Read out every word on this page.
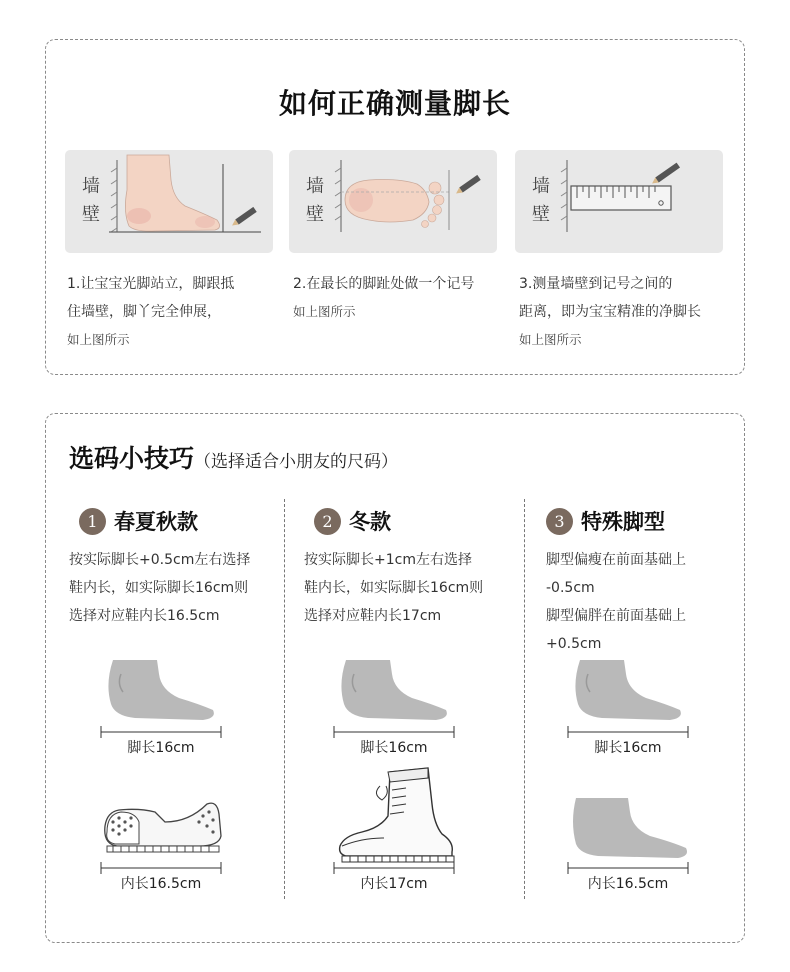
如何正确测量脚长
墙
壁
墙
壁
墙
壁
1.让宝宝光脚站立，脚跟抵
住墙壁，脚丫完全伸展，
如上图所示
2.在最长的脚趾处做一个记号
如上图所示
3.测量墙壁到记号之间的
距离，即为宝宝精准的净脚长
如上图所示
选码小技巧（选择适合小朋友的尺码）
1 春夏秋款
按实际脚长+0.5cm左右选择
鞋内长，如实际脚长16cm则
选择对应鞋内长16.5cm
脚长16cm
内长16.5cm
2 冬款
按实际脚长+1cm左右选择
鞋内长，如实际脚长16cm则
选择对应鞋内长17cm
脚长16cm
内长17cm
3 特殊脚型
脚型偏瘦在前面基础上
-0.5cm
脚型偏胖在前面基础上
+0.5cm
脚长16cm
内长16.5cm
